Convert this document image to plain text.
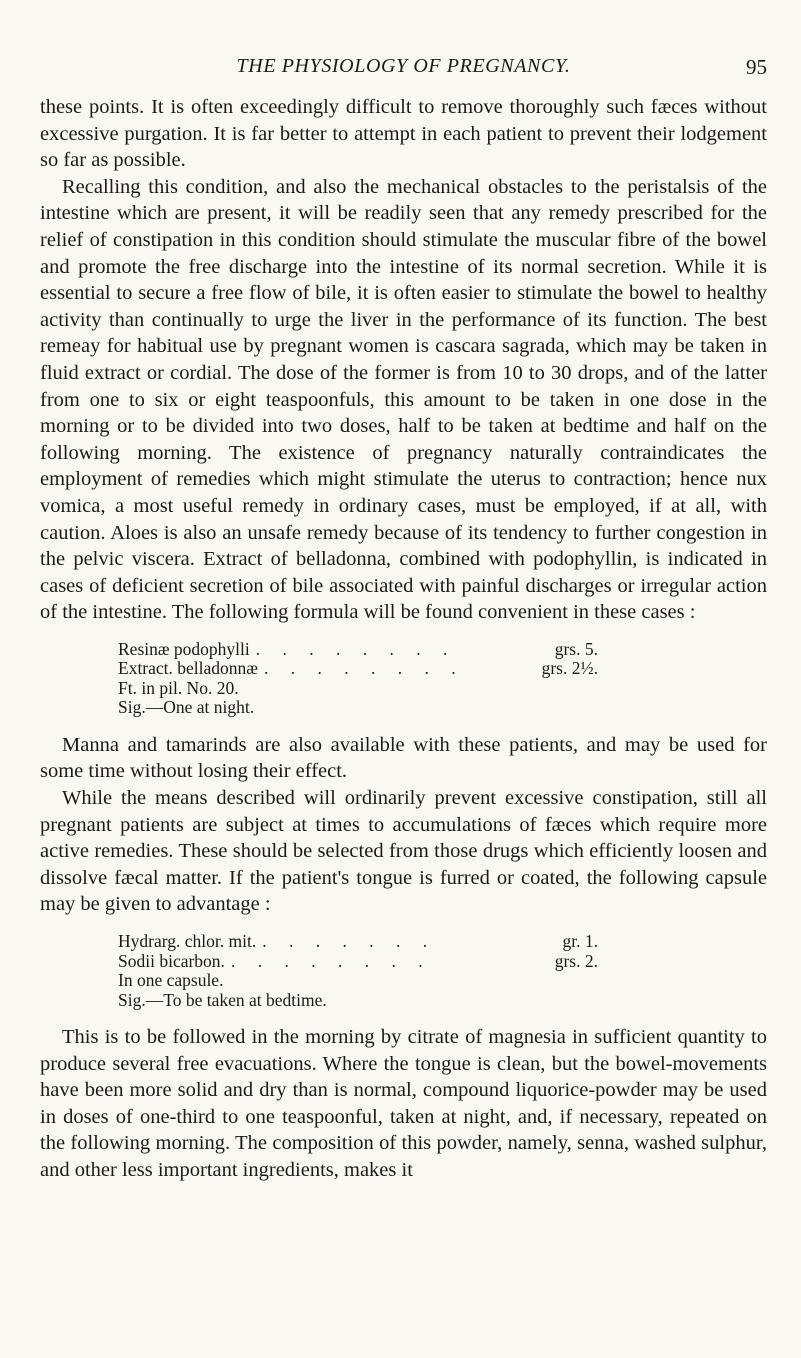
THE PHYSIOLOGY OF PREGNANCY.	95

these points. It is often exceedingly difficult to remove thoroughly such fæces without excessive purgation. It is far better to attempt in each patient to prevent their lodgement so far as possible.

Recalling this condition, and also the mechanical obstacles to the peristalsis of the intestine which are present, it will be readily seen that any remedy prescribed for the relief of constipation in this condition should stimulate the muscular fibre of the bowel and promote the free discharge into the intestine of its normal secretion. While it is essential to secure a free flow of bile, it is often easier to stimulate the bowel to healthy activity than continually to urge the liver in the performance of its function. The best remeay for habitual use by pregnant women is cascara sagrada, which may be taken in fluid extract or cordial. The dose of the former is from 10 to 30 drops, and of the latter from one to six or eight teaspoonfuls, this amount to be taken in one dose in the morning or to be divided into two doses, half to be taken at bedtime and half on the following morning. The existence of pregnancy naturally contraindicates the employment of remedies which might stimulate the uterus to contraction; hence nux vomica, a most useful remedy in ordinary cases, must be employed, if at all, with caution. Aloes is also an unsafe remedy because of its tendency to further congestion in the pelvic viscera. Extract of belladonna, combined with podophyllin, is indicated in cases of deficient secretion of bile associated with painful discharges or irregular action of the intestine. The following formula will be found convenient in these cases :

Resinæ podophylli . . . . . . . .	grs. 5.
Extract. belladonnæ . . . . . . . .	grs. 2½.
Ft. in pil. No. 20.
Sig.—One at night.

Manna and tamarinds are also available with these patients, and may be used for some time without losing their effect.

While the means described will ordinarily prevent excessive constipation, still all pregnant patients are subject at times to accumulations of fæces which require more active remedies. These should be selected from those drugs which efficiently loosen and dissolve fæcal matter. If the patient's tongue is furred or coated, the following capsule may be given to advantage :

Hydrarg. chlor. mit. . . . . . . .	gr. 1.
Sodii bicarbon. . . . . . . . .	grs. 2.
In one capsule.
Sig.—To be taken at bedtime.

This is to be followed in the morning by citrate of magnesia in sufficient quantity to produce several free evacuations. Where the tongue is clean, but the bowel-movements have been more solid and dry than is normal, compound liquorice-powder may be used in doses of one-third to one teaspoonful, taken at night, and, if necessary, repeated on the following morning. The composition of this powder, namely, senna, washed sulphur, and other less important ingredients, makes it
